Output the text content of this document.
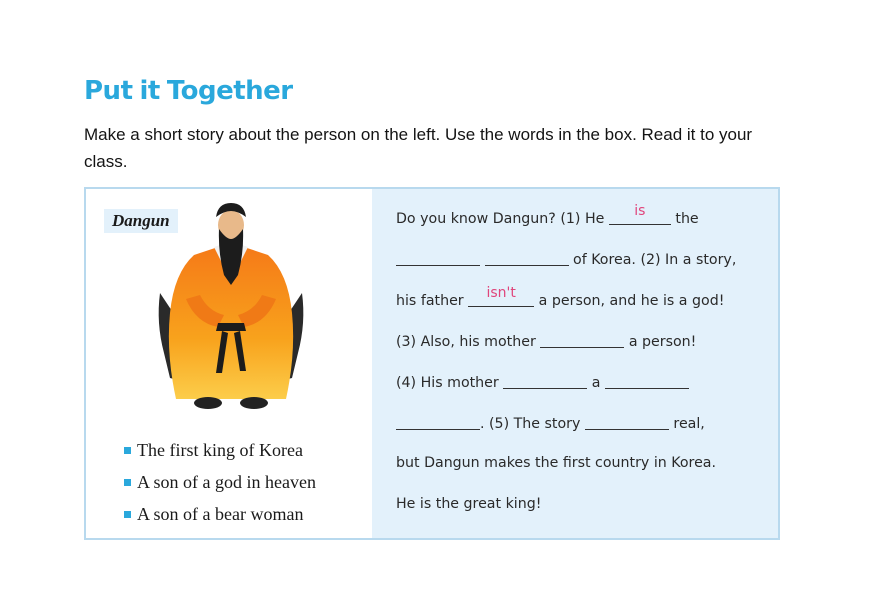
Put it Together

Make a short story about the person on the left. Use the words in the box. Read it to your class.

Dangun
The first king of Korea
A son of a god in heaven
A son of a bear woman
Do you know Dangun? (1) He	is	the
of Korea. (2) In a story,
his father	isn't	a person, and he is a god!
(3) Also, his mother	a person!
(4) His mother	a
. (5) The story	real,
but Dangun makes the first country in Korea.
He is the great king!
